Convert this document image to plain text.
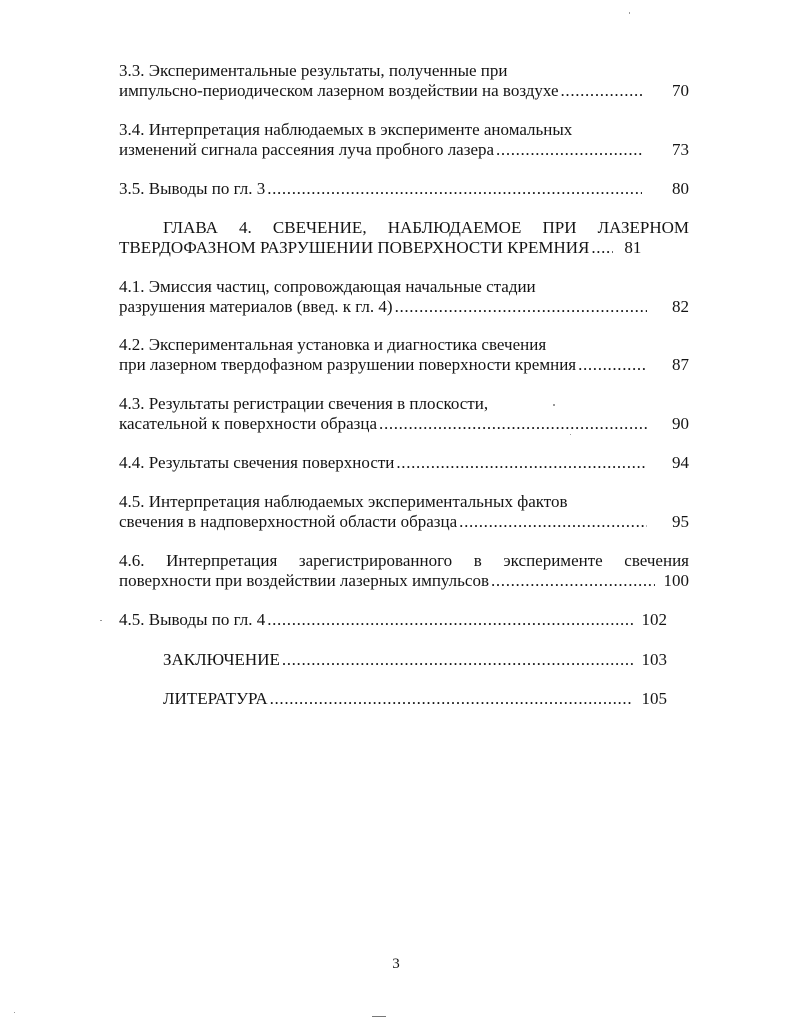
3.3. Экспериментальные результаты, полученные при
импульсно-периодическом лазерном воздействии на воздухе . . .	70
3.4. Интерпретация наблюдаемых в эксперименте аномальных
изменений сигнала рассеяния луча пробного лазера . . .	73
3.5. Выводы по гл. 3 . . .	80
ГЛАВА 4. СВЕЧЕНИЕ, НАБЛЮДАЕМОЕ ПРИ ЛАЗЕРНОМ
ТВЕРДОФАЗНОМ РАЗРУШЕНИИ ПОВЕРХНОСТИ КРЕМНИЯ . . .	81
4.1. Эмиссия частиц, сопровождающая начальные стадии
разрушения материалов (введ. к гл. 4) . . .	82
4.2. Экспериментальная установка и диагностика свечения
при лазерном твердофазном разрушении поверхности кремния . . .	87
4.3. Результаты регистрации свечения в плоскости,
касательной к поверхности образца . . .	90
4.4. Результаты свечения поверхности . . .	94
4.5. Интерпретация наблюдаемых экспериментальных фактов
свечения в надповерхностной области образца . . .	95
4.6. Интерпретация зарегистрированного в эксперименте свечения
поверхности при воздействии лазерных импульсов . . .	100
4.5. Выводы по гл. 4 . . .	102
ЗАКЛЮЧЕНИЕ . . .	103
ЛИТЕРАТУРА . . .	105
3
